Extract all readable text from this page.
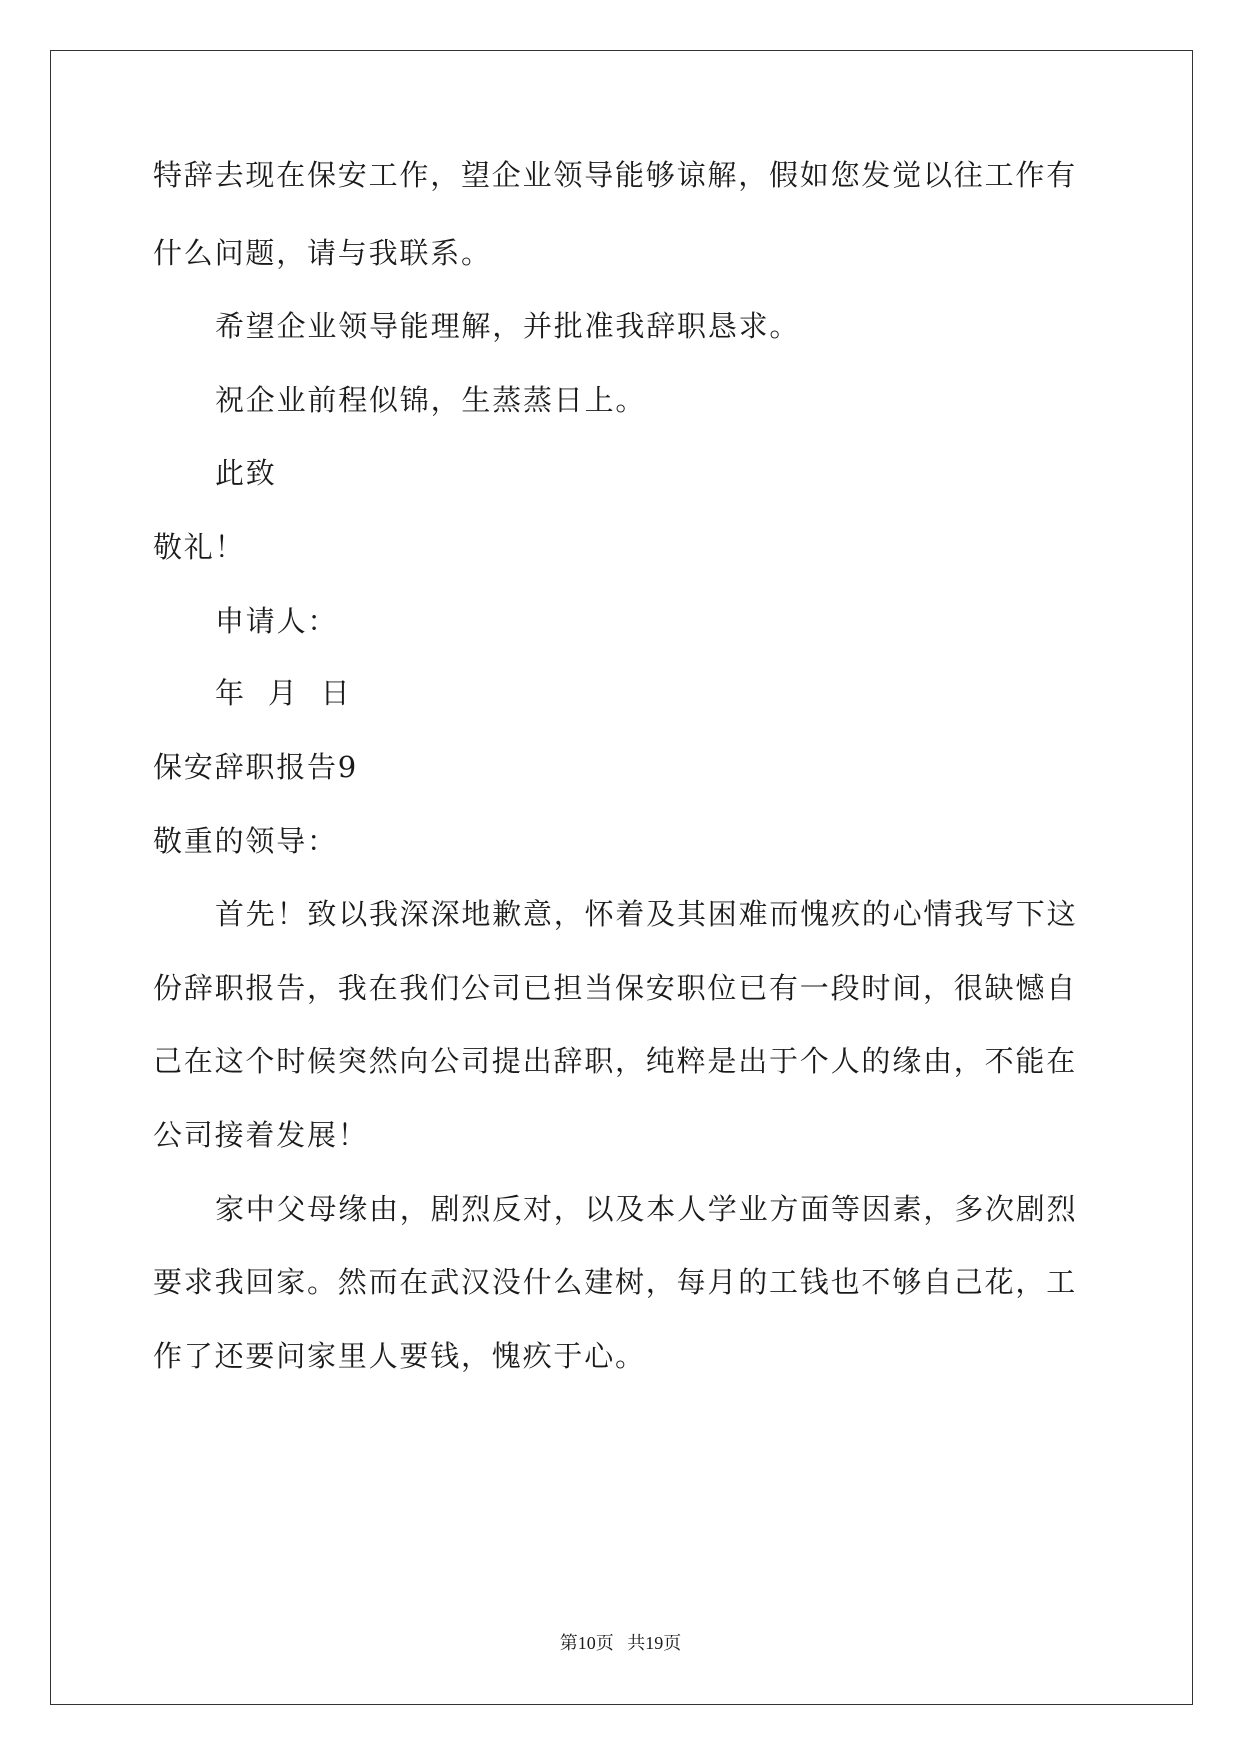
特辞去现在保安工作，望企业领导能够谅解，假如您发觉以往工作有
什么问题，请与我联系。
希望企业领导能理解，并批准我辞职恳求。
祝企业前程似锦，生蒸蒸日上。
此致
敬礼！
申请人：
年  月  日
保安辞职报告9
敬重的领导：
首先！致以我深深地歉意，怀着及其困难而愧疚的心情我写下这
份辞职报告，我在我们公司已担当保安职位已有一段时间，很缺憾自
己在这个时候突然向公司提出辞职，纯粹是出于个人的缘由，不能在
公司接着发展！
家中父母缘由，剧烈反对，以及本人学业方面等因素，多次剧烈
要求我回家。然而在武汉没什么建树，每月的工钱也不够自己花，工
作了还要问家里人要钱，愧疚于心。
第10页   共19页
